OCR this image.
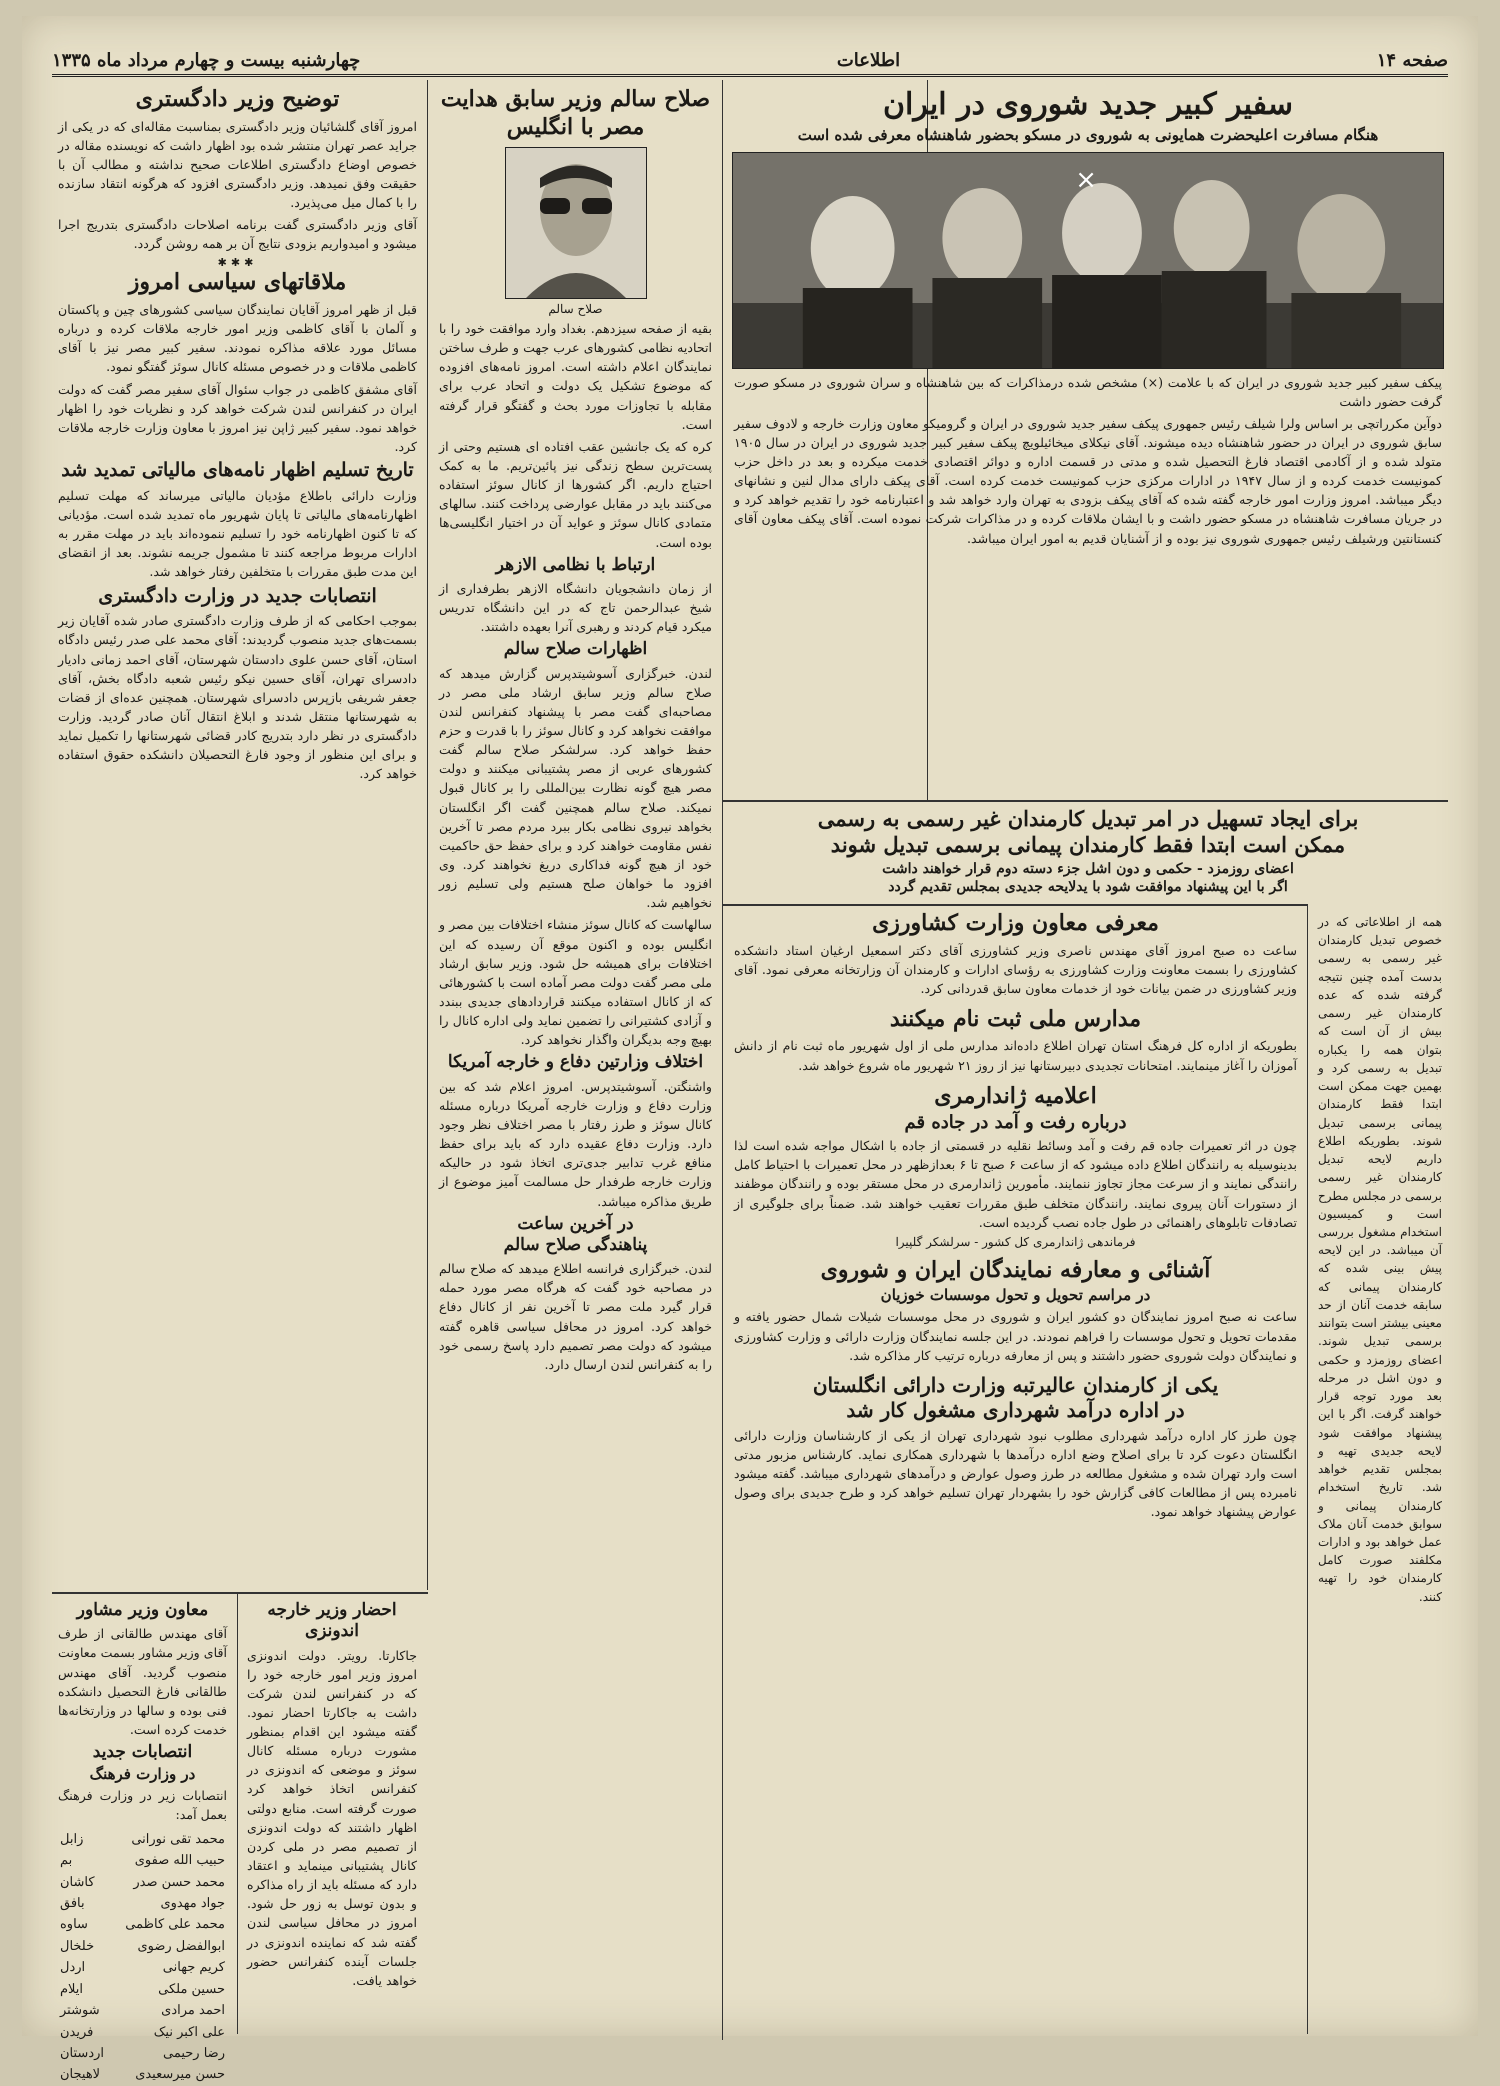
صفحه ۱۴
اطلاعات
چهارشنبه بیست و چهارم مرداد ماه ۱۳۳۵
سفیر کبیر جدید شوروی در ایران
هنگام مسافرت اعلیحضرت همایونی به شوروی در مسکو بحضور شاهنشاه معرفی شده است
×

پیکف سفیر کبیر جدید شوروی در ایران که با علامت (×) مشخص شده درمذاکرات که بین شاهنشاه و سران شوروی در مسکو صورت گرفت حضور داشت

دوآین مکرراتچی بر اساس ولرا شیلف رئیس جمهوری پیکف سفیر جدید شوروی در ایران و گرومیکو معاون وزارت خارجه و لادوف سفیر سابق شوروی در ایران در حضور شاهنشاه دیده میشوند. آقای نیکلای میخائیلویچ پیکف سفیر کبیر جدید شوروی در ایران در سال ۱۹۰۵ متولد شده و از آکادمی اقتصاد فارغ التحصیل شده و مدتی در قسمت اداره و دوائر اقتصادی خدمت میکرده و بعد در داخل حزب کمونیست خدمت کرده و از سال ۱۹۴۷ در ادارات مرکزی حزب کمونیست خدمت کرده است. آقای پیکف دارای مدال لنین و نشانهای دیگر میباشد. امروز وزارت امور خارجه گفته شده که آقای پیکف بزودی به تهران وارد خواهد شد و اعتبارنامه خود را تقدیم خواهد کرد و در جریان مسافرت شاهنشاه در مسکو حضور داشت و با ایشان ملاقات کرده و در مذاکرات شرکت نموده است. آقای پیکف معاون آقای کنستانتین ورشیلف رئیس جمهوری شوروی نیز بوده و از آشنایان قدیم به امور ایران میباشد.

صلاح سالم وزیر سابق هدایت مصر با انگلیس
صلاح سالم

بقیه از صفحه سیزدهم. بغداد وارد موافقت خود را با اتحادیه نظامی کشورهای عرب جهت و طرف ساختن نمایندگان اعلام داشته است. امروز نامه‌های افزوده که موضوع تشکیل یک دولت و اتحاد عرب برای مقابله با تجاوزات مورد بحث و گفتگو قرار گرفته است.

کره که یک جانشین عقب افتاده ای هستیم وحتی از پست‌ترین سطح زندگی نیز پائین‌تریم. ما به کمک احتیاج داریم. اگر کشورها از کانال سوئز استفاده می‌کنند باید در مقابل عوارضی پرداخت کنند. سالهای متمادی کانال سوئز و عواید آن در اختیار انگلیسی‌ها بوده است.

ارتباط با نظامی الازهر

از زمان دانشجویان دانشگاه الازهر بطرفداری از شیخ عبدالرحمن تاج که در این دانشگاه تدریس میکرد قیام کردند و رهبری آنرا بعهده داشتند.

اظهارات صلاح سالم

لندن. خبرگزاری آسوشیتدپرس گزارش میدهد که صلاح سالم وزیر سابق ارشاد ملی مصر در مصاحبه‌ای گفت مصر با پیشنهاد کنفرانس لندن موافقت نخواهد کرد و کانال سوئز را با قدرت و حزم حفظ خواهد کرد. سرلشکر صلاح سالم گفت کشورهای عربی از مصر پشتیبانی میکنند و دولت مصر هیچ گونه نظارت بین‌المللی را بر کانال قبول نمیکند. صلاح سالم همچنین گفت اگر انگلستان بخواهد نیروی نظامی بکار ببرد مردم مصر تا آخرین نفس مقاومت خواهند کرد و برای حفظ حق حاکمیت خود از هیچ گونه فداکاری دریغ نخواهند کرد. وی افزود ما خواهان صلح هستیم ولی تسلیم زور نخواهیم شد.

سالهاست که کانال سوئز منشاء اختلافات بین مصر و انگلیس بوده و اکنون موقع آن رسیده که این اختلافات برای همیشه حل شود. وزیر سابق ارشاد ملی مصر گفت دولت مصر آماده است با کشورهائی که از کانال استفاده میکنند قراردادهای جدیدی ببندد و آزادی کشتیرانی را تضمین نماید ولی اداره کانال را بهیچ وجه بدیگران واگذار نخواهد کرد.

اختلاف وزارتین دفاع و خارجه آمریکا

واشنگتن. آسوشیتدپرس. امروز اعلام شد که بین وزارت دفاع و وزارت خارجه آمریکا درباره مسئله کانال سوئز و طرز رفتار با مصر اختلاف نظر وجود دارد. وزارت دفاع عقیده دارد که باید برای حفظ منافع غرب تدابیر جدی‌تری اتخاذ شود در حالیکه وزارت خارجه طرفدار حل مسالمت آمیز موضوع از طریق مذاکره میباشد.

در آخرین ساعت
پناهندگی صلاح سالم

لندن. خبرگزاری فرانسه اطلاع میدهد که صلاح سالم در مصاحبه خود گفت که هرگاه مصر مورد حمله قرار گیرد ملت مصر تا آخرین نفر از کانال دفاع خواهد کرد. امروز در محافل سیاسی قاهره گفته میشود که دولت مصر تصمیم دارد پاسخ رسمی خود را به کنفرانس لندن ارسال دارد.

توضیح وزیر دادگستری

امروز آقای گلشائیان وزیر دادگستری بمناسبت مقاله‌ای که در یکی از جراید عصر تهران منتشر شده بود اظهار داشت که نویسنده مقاله در خصوص اوضاع دادگستری اطلاعات صحیح نداشته و مطالب آن با حقیقت وفق نمیدهد. وزیر دادگستری افزود که هرگونه انتقاد سازنده را با کمال میل می‌پذیرد.

آقای وزیر دادگستری گفت برنامه اصلاحات دادگستری بتدریج اجرا میشود و امیدواریم بزودی نتایج آن بر همه روشن گردد.

✱✱✱
ملاقاتهای سیاسی امروز

قبل از ظهر امروز آقایان نمایندگان سیاسی کشورهای چین و پاکستان و آلمان با آقای کاظمی وزیر امور خارجه ملاقات کرده و درباره مسائل مورد علاقه مذاکره نمودند. سفیر کبیر مصر نیز با آقای کاظمی ملاقات و در خصوص مسئله کانال سوئز گفتگو نمود.

آقای مشفق کاظمی در جواب سئوال آقای سفیر مصر گفت که دولت ایران در کنفرانس لندن شرکت خواهد کرد و نظریات خود را اظهار خواهد نمود. سفیر کبیر ژاپن نیز امروز با معاون وزارت خارجه ملاقات کرد.

تاریخ تسلیم اظهار نامه‌های مالیاتی تمدید شد

وزارت دارائی باطلاع مؤدیان مالیاتی میرساند که مهلت تسلیم اظهارنامه‌های مالیاتی تا پایان شهریور ماه تمدید شده است. مؤدیانی که تا کنون اظهارنامه خود را تسلیم ننموده‌اند باید در مهلت مقرر به ادارات مربوط مراجعه کنند تا مشمول جریمه نشوند. بعد از انقضای این مدت طبق مقررات با متخلفین رفتار خواهد شد.

انتصابات جدید در وزارت دادگستری

بموجب احکامی که از طرف وزارت دادگستری صادر شده آقایان زیر بسمت‌های جدید منصوب گردیدند: آقای محمد علی صدر رئیس دادگاه استان، آقای حسن علوی دادستان شهرستان، آقای احمد زمانی دادیار دادسرای تهران، آقای حسین نیکو رئیس شعبه دادگاه بخش، آقای جعفر شریفی بازپرس دادسرای شهرستان. همچنین عده‌ای از قضات به شهرستانها منتقل شدند و ابلاغ انتقال آنان صادر گردید. وزارت دادگستری در نظر دارد بتدریج کادر قضائی شهرستانها را تکمیل نماید و برای این منظور از وجود فارغ التحصیلان دانشکده حقوق استفاده خواهد کرد.

معاون وزیر مشاور

آقای مهندس طالقانی از طرف آقای وزیر مشاور بسمت معاونت منصوب گردید. آقای مهندس طالقانی فارغ التحصیل دانشکده فنی بوده و سالها در وزارتخانه‌ها خدمت کرده است.

انتصابات جدید
در وزارت فرهنگ

انتصابات زیر در وزارت فرهنگ بعمل آمد:

محمد تقی نورانی
زابل
حبیب الله صفوی
بم
محمد حسن صدر
کاشان
جواد مهدوی
بافق
محمد علی کاظمی
ساوه
ابوالفضل رضوی
خلخال
کریم جهانی
اردل
حسین ملکی
ایلام
احمد مرادی
شوشتر
علی اکبر نیک
فریدن
رضا رحیمی
اردستان
حسن میرسعیدی
لاهیجان
احضار وزیر خارجه اندونزی

جاکارتا. رویتر. دولت اندونزی امروز وزیر امور خارجه خود را که در کنفرانس لندن شرکت داشت به جاکارتا احضار نمود. گفته میشود این اقدام بمنظور مشورت درباره مسئله کانال سوئز و موضعی که اندونزی در کنفرانس اتخاذ خواهد کرد صورت گرفته است. منابع دولتی اظهار داشتند که دولت اندونزی از تصمیم مصر در ملی کردن کانال پشتیبانی مینماید و اعتقاد دارد که مسئله باید از راه مذاکره و بدون توسل به زور حل شود. امروز در محافل سیاسی لندن گفته شد که نماینده اندونزی در جلسات آینده کنفرانس حضور خواهد یافت.

برای ایجاد تسهیل در امر تبدیل کارمندان غیر رسمی به رسمی
ممکن است ابتدا فقط کارمندان پیمانی برسمی تبدیل شوند
اعضای روزمزد - حکمی و دون اشل جزء دسته دوم قرار خواهند داشت
اگر با این پیشنهاد موافقت شود با یدلایحه جدیدی بمجلس تقدیم گردد

همه از اطلاعاتی که در خصوص تبدیل کارمندان غیر رسمی به رسمی بدست آمده چنین نتیجه گرفته شده که عده کارمندان غیر رسمی بیش از آن است که بتوان همه را یکباره تبدیل به رسمی کرد و بهمین جهت ممکن است ابتدا فقط کارمندان پیمانی برسمی تبدیل شوند. بطوریکه اطلاع داریم لایحه تبدیل کارمندان غیر رسمی برسمی در مجلس مطرح است و کمیسیون استخدام مشغول بررسی آن میباشد. در این لایحه پیش بینی شده که کارمندان پیمانی که سابقه خدمت آنان از حد معینی بیشتر است بتوانند برسمی تبدیل شوند. اعضای روزمزد و حکمی و دون اشل در مرحله بعد مورد توجه قرار خواهند گرفت. اگر با این پیشنهاد موافقت شود لایحه جدیدی تهیه و بمجلس تقدیم خواهد شد. تاریخ استخدام کارمندان پیمانی و سوابق خدمت آنان ملاک عمل خواهد بود و ادارات مکلفند صورت کامل کارمندان خود را تهیه کنند.

معرفی معاون وزارت کشاورزی

ساعت ده صبح امروز آقای مهندس ناصری وزیر کشاورزی آقای دکتر اسمعیل ارغیان استاد دانشکده کشاورزی را بسمت معاونت وزارت کشاورزی به رؤسای ادارات و کارمندان آن وزارتخانه معرفی نمود. آقای وزیر کشاورزی در ضمن بیانات خود از خدمات معاون سابق قدردانی کرد.

مدارس ملی ثبت نام میکنند

بطوریکه از اداره کل فرهنگ استان تهران اطلاع داده‌اند مدارس ملی از اول شهریور ماه ثبت نام از دانش آموزان را آغاز مینمایند. امتحانات تجدیدی دبیرستانها نیز از روز ۲۱ شهریور ماه شروع خواهد شد.

اعلامیه ژاندارمری
درباره رفت و آمد در جاده قم

چون در اثر تعمیرات جاده قم رفت و آمد وسائط نقلیه در قسمتی از جاده با اشکال مواجه شده است لذا بدینوسیله به رانندگان اطلاع داده میشود که از ساعت ۶ صبح تا ۶ بعدازظهر در محل تعمیرات با احتیاط کامل رانندگی نمایند و از سرعت مجاز تجاوز ننمایند. مأمورین ژاندارمری در محل مستقر بوده و رانندگان موظفند از دستورات آنان پیروی نمایند. رانندگان متخلف طبق مقررات تعقیب خواهند شد. ضمناً برای جلوگیری از تصادفات تابلوهای راهنمائی در طول جاده نصب گردیده است.

فرماندهی ژاندارمری کل کشور - سرلشکر گلپیرا
آشنائی و معارفه نمایندگان ایران و شوروی
در مراسم تحویل و تحول موسسات خوزیان

ساعت نه صبح امروز نمایندگان دو کشور ایران و شوروی در محل موسسات شیلات شمال حضور یافته و مقدمات تحویل و تحول موسسات را فراهم نمودند. در این جلسه نمایندگان وزارت دارائی و وزارت کشاورزی و نمایندگان دولت شوروی حضور داشتند و پس از معارفه درباره ترتیب کار مذاکره شد.

یکی از کارمندان عالیرتبه وزارت دارائی انگلستان
در اداره درآمد شهرداری مشغول کار شد

چون طرز کار اداره درآمد شهرداری مطلوب نبود شهرداری تهران از یکی از کارشناسان وزارت دارائی انگلستان دعوت کرد تا برای اصلاح وضع اداره درآمدها با شهرداری همکاری نماید. کارشناس مزبور مدتی است وارد تهران شده و مشغول مطالعه در طرز وصول عوارض و درآمدهای شهرداری میباشد. گفته میشود نامبرده پس از مطالعات کافی گزارش خود را بشهردار تهران تسلیم خواهد کرد و طرح جدیدی برای وصول عوارض پیشنهاد خواهد نمود.
